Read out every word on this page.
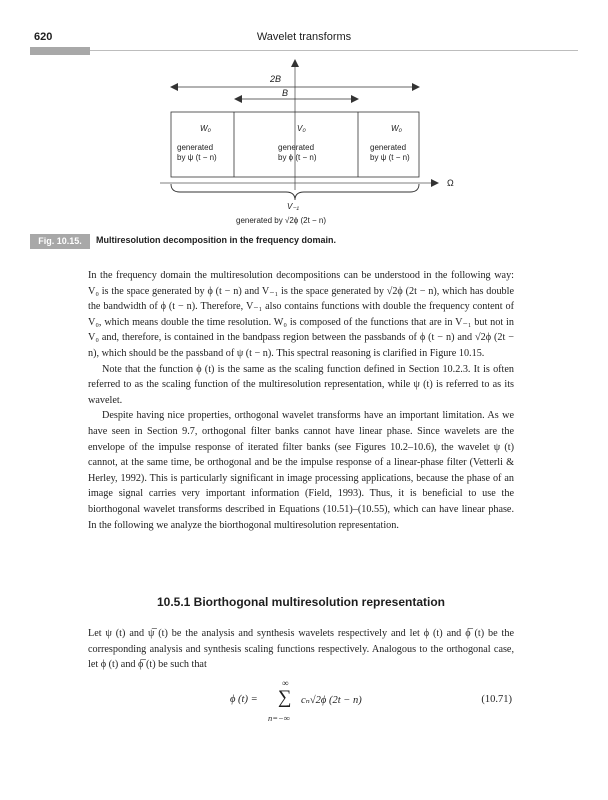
620	Wavelet transforms
2B
B
W₀
generated
by ψ (t − n)
V₀
generated
by ϕ (t − n)
W₀
generated
by ψ (t − n)
Ω
V₋₁
generated by √2ϕ (2t − n)
Fig. 10.15.	Multiresolution decomposition in the frequency domain.

In the frequency domain the multiresolution decompositions can be understood in the following way: V₀ is the space generated by ϕ (t − n) and V₋₁ is the space generated by √2ϕ (2t − n), which has double the bandwidth of ϕ (t − n). Therefore, V₋₁ also contains functions with double the frequency content of V₀, which means double the time resolution. W₀ is composed of the functions that are in V₋₁ but not in V₀ and, therefore, is contained in the bandpass region between the passbands of ϕ (t − n) and √2ϕ (2t − n), which should be the passband of ψ (t − n). This spectral reasoning is clarified in Figure 10.15.

Note that the function ϕ (t) is the same as the scaling function defined in Section 10.2.3. It is often referred to as the scaling function of the multiresolution representation, while ψ (t) is referred to as its wavelet.

Despite having nice properties, orthogonal wavelet transforms have an important limitation. As we have seen in Section 9.7, orthogonal filter banks cannot have linear phase. Since wavelets are the envelope of the impulse response of iterated filter banks (see Figures 10.2–10.6), the wavelet ψ (t) cannot, at the same time, be orthogonal and be the impulse response of a linear-phase filter (Vetterli & Herley, 1992). This is particularly significant in image processing applications, because the phase of an image signal carries very important information (Field, 1993). Thus, it is beneficial to use the biorthogonal wavelet transforms described in Equations (10.51)–(10.55), which can have linear phase. In the following we analyze the biorthogonal multiresolution representation.

10.5.1 Biorthogonal multiresolution representation

Let ψ (t) and ψ̅ (t) be the analysis and synthesis wavelets respectively and let ϕ (t) and ϕ̅ (t) be the corresponding analysis and synthesis scaling functions respectively. Analogous to the orthogonal case, let ϕ (t) and ϕ̅ (t) be such that

ϕ (t) =
∞
∑
n=−∞
cₙ√2ϕ (2t − n)	(10.71)
